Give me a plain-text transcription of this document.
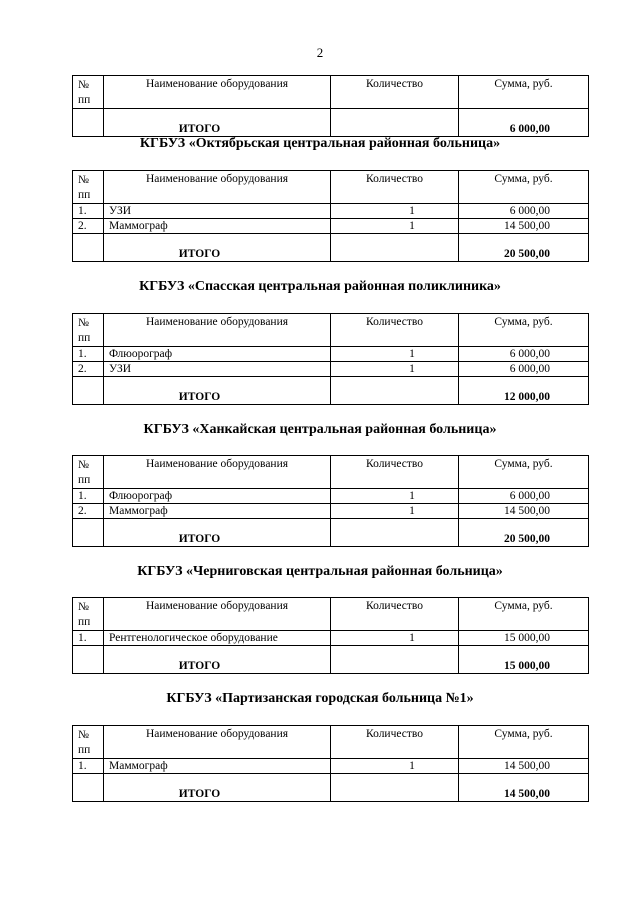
2
№ пп	Наименование оборудования	Количество	Сумма, руб.
	ИТОГО		6 000,00
КГБУЗ «Октябрьская центральная районная больница»
№ пп	Наименование оборудования	Количество	Сумма, руб.
1.	УЗИ	1	6 000,00
2.	Маммограф	1	14 500,00
	ИТОГО		20 500,00
КГБУЗ «Спасская центральная районная поликлиника»
№ пп	Наименование оборудования	Количество	Сумма, руб.
1.	Флюорограф	1	6 000,00
2.	УЗИ	1	6 000,00
	ИТОГО		12 000,00
КГБУЗ «Ханкайская центральная районная больница»
№ пп	Наименование оборудования	Количество	Сумма, руб.
1.	Флюорограф	1	6 000,00
2.	Маммограф	1	14 500,00
	ИТОГО		20 500,00
КГБУЗ «Черниговская центральная районная больница»
№ пп	Наименование оборудования	Количество	Сумма, руб.
1.	Рентгенологическое оборудование	1	15 000,00
	ИТОГО		15 000,00
КГБУЗ «Партизанская городская больница №1»
№ пп	Наименование оборудования	Количество	Сумма, руб.
1.	Маммограф	1	14 500,00
	ИТОГО		14 500,00
